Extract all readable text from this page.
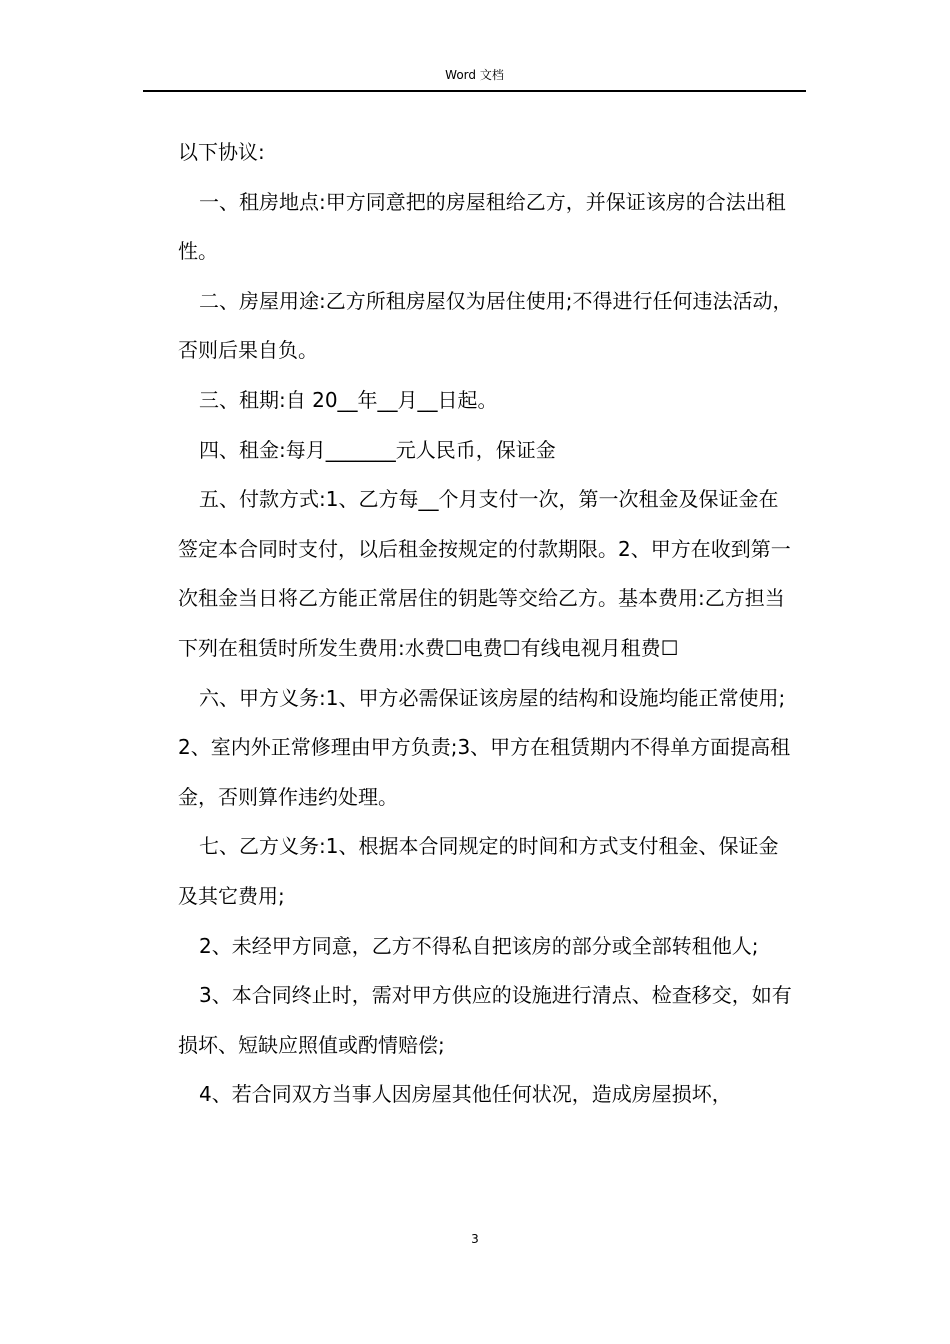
Word 文档

以下协议:

一、租房地点:甲方同意把的房屋租给乙方，并保证该房的合法出租性。

二、房屋用途:乙方所租房屋仅为居住使用;不得进行任何违法活动，否则后果自负。

三、租期:自 20__年__月__日起。

四、租金:每月_______元人民币，保证金

五、付款方式:1、乙方每__个月支付一次，第一次租金及保证金在签定本合同时支付，以后租金按规定的付款期限。2、甲方在收到第一次租金当日将乙方能正常居住的钥匙等交给乙方。基本费用:乙方担当下列在租赁时所发生费用:水费☐电费☐有线电视月租费☐

六、甲方义务:1、甲方必需保证该房屋的结构和设施均能正常使用;2、室内外正常修理由甲方负责;3、甲方在租赁期内不得单方面提高租金，否则算作违约处理。

七、乙方义务:1、根据本合同规定的时间和方式支付租金、保证金及其它费用;

2、未经甲方同意，乙方不得私自把该房的部分或全部转租他人;

3、本合同终止时，需对甲方供应的设施进行清点、检查移交，如有损坏、短缺应照值或酌情赔偿;

4、若合同双方当事人因房屋其他任何状况，造成房屋损坏，

3
